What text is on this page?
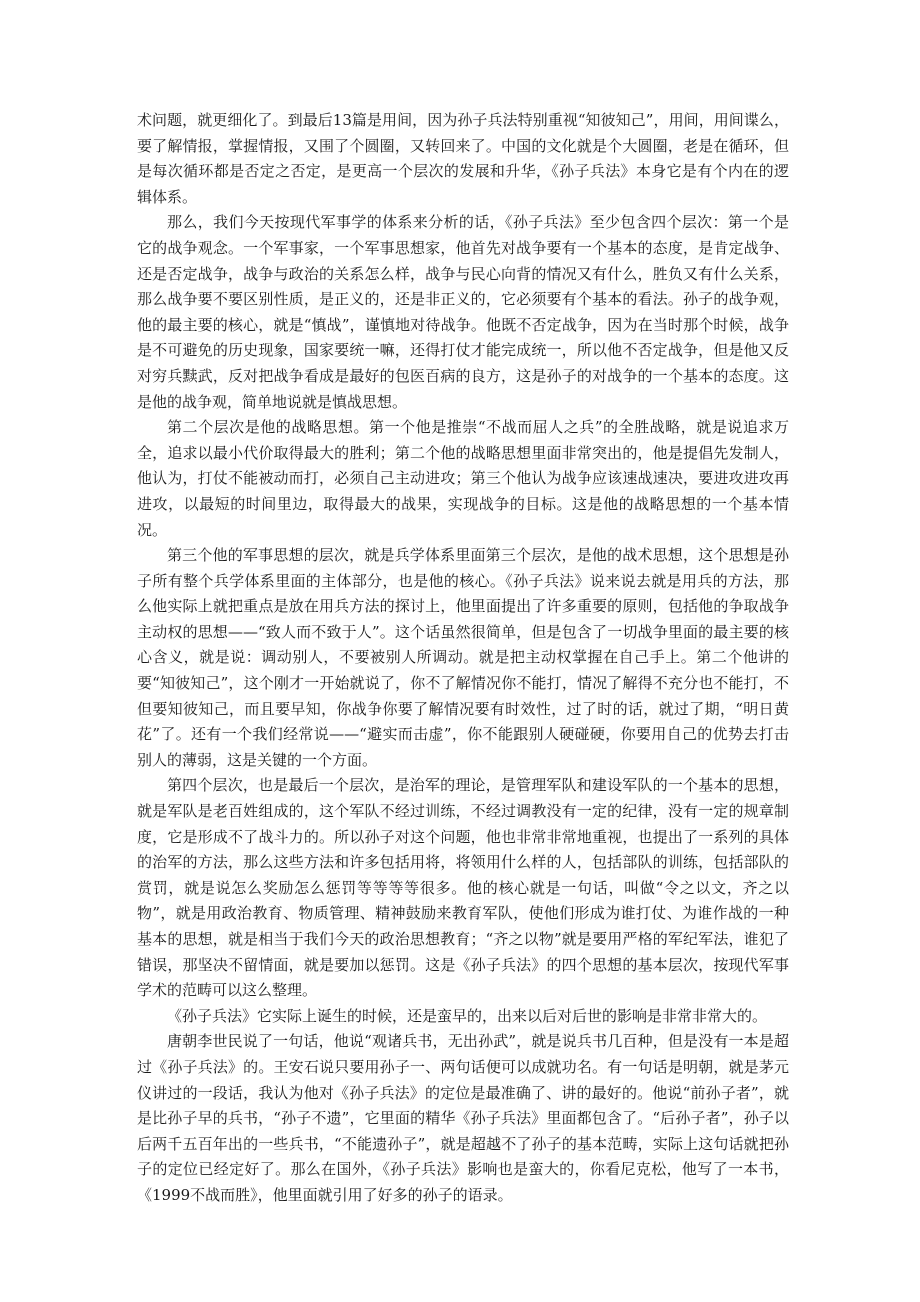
术问题，就更细化了。到最后13篇是用间，因为孙子兵法特别重视“知彼知己”，用间，用间谍么，要了解情报，掌握情报，又围了个圆圈，又转回来了。中国的文化就是个大圆圈，老是在循环，但是每次循环都是否定之否定，是更高一个层次的发展和升华，《孙子兵法》本身它是有个内在的逻辑体系。

那么，我们今天按现代军事学的体系来分析的话，《孙子兵法》至少包含四个层次：第一个是它的战争观念。一个军事家，一个军事思想家，他首先对战争要有一个基本的态度，是肯定战争、还是否定战争，战争与政治的关系怎么样，战争与民心向背的情况又有什么，胜负又有什么关系，那么战争要不要区别性质，是正义的，还是非正义的，它必须要有个基本的看法。孙子的战争观，他的最主要的核心，就是“慎战”，谨慎地对待战争。他既不否定战争，因为在当时那个时候，战争是不可避免的历史现象，国家要统一嘛，还得打仗才能完成统一，所以他不否定战争，但是他又反对穷兵黩武，反对把战争看成是最好的包医百病的良方，这是孙子的对战争的一个基本的态度。这是他的战争观，简单地说就是慎战思想。

第二个层次是他的战略思想。第一个他是推崇“不战而屈人之兵”的全胜战略，就是说追求万全，追求以最小代价取得最大的胜利；第二个他的战略思想里面非常突出的，他是提倡先发制人，他认为，打仗不能被动而打，必须自己主动进攻；第三个他认为战争应该速战速决，要进攻进攻再进攻，以最短的时间里边，取得最大的战果，实现战争的目标。这是他的战略思想的一个基本情况。

第三个他的军事思想的层次，就是兵学体系里面第三个层次，是他的战术思想，这个思想是孙子所有整个兵学体系里面的主体部分，也是他的核心。《孙子兵法》说来说去就是用兵的方法，那么他实际上就把重点是放在用兵方法的探讨上，他里面提出了许多重要的原则，包括他的争取战争主动权的思想——“致人而不致于人”。这个话虽然很简单，但是包含了一切战争里面的最主要的核心含义，就是说：调动别人，不要被别人所调动。就是把主动权掌握在自己手上。第二个他讲的要“知彼知己”，这个刚才一开始就说了，你不了解情况你不能打，情况了解得不充分也不能打，不但要知彼知己，而且要早知，你战争你要了解情况要有时效性，过了时的话，就过了期，“明日黄花”了。还有一个我们经常说——“避实而击虚”，你不能跟别人硬碰硬，你要用自己的优势去打击别人的薄弱，这是关键的一个方面。

第四个层次，也是最后一个层次，是治军的理论，是管理军队和建设军队的一个基本的思想，就是军队是老百姓组成的，这个军队不经过训练，不经过调教没有一定的纪律，没有一定的规章制度，它是形成不了战斗力的。所以孙子对这个问题，他也非常非常地重视，也提出了一系列的具体的治军的方法，那么这些方法和许多包括用将，将领用什么样的人，包括部队的训练，包括部队的赏罚，就是说怎么奖励怎么惩罚等等等等很多。他的核心就是一句话，叫做“令之以文，齐之以物”，就是用政治教育、物质管理、精神鼓励来教育军队，使他们形成为谁打仗、为谁作战的一种基本的思想，就是相当于我们今天的政治思想教育；“齐之以物”就是要用严格的军纪军法，谁犯了错误，那坚决不留情面，就是要加以惩罚。这是《孙子兵法》的四个思想的基本层次，按现代军事学术的范畴可以这么整理。

《孙子兵法》它实际上诞生的时候，还是蛮早的，出来以后对后世的影响是非常非常大的。

唐朝李世民说了一句话，他说“观诸兵书，无出孙武”，就是说兵书几百种，但是没有一本是超过《孙子兵法》的。王安石说只要用孙子一、两句话便可以成就功名。有一句话是明朝，就是茅元仪讲过的一段话，我认为他对《孙子兵法》的定位是最准确了、讲的最好的。他说“前孙子者”，就是比孙子早的兵书，“孙子不遗”，它里面的精华《孙子兵法》里面都包含了。“后孙子者”，孙子以后两千五百年出的一些兵书，“不能遗孙子”，就是超越不了孙子的基本范畴，实际上这句话就把孙子的定位已经定好了。那么在国外，《孙子兵法》影响也是蛮大的，你看尼克松，他写了一本书，《1999不战而胜》，他里面就引用了好多的孙子的语录。
